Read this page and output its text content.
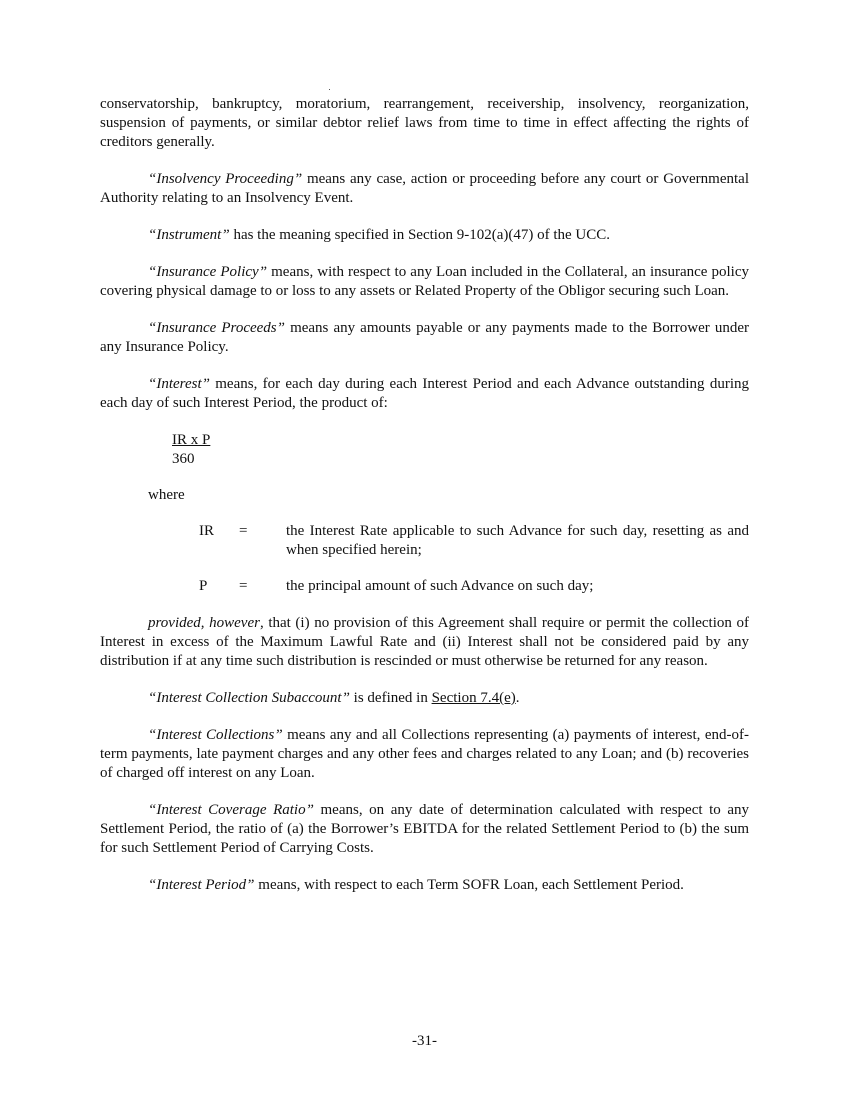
conservatorship, bankruptcy, moratorium, rearrangement, receivership, insolvency, reorganization, suspension of payments, or similar debtor relief laws from time to time in effect affecting the rights of creditors generally.

“Insolvency Proceeding” means any case, action or proceeding before any court or Governmental Authority relating to an Insolvency Event.

“Instrument” has the meaning specified in Section 9-102(a)(47) of the UCC.

“Insurance Policy” means, with respect to any Loan included in the Collateral, an insurance policy covering physical damage to or loss to any assets or Related Property of the Obligor securing such Loan.

“Insurance Proceeds” means any amounts payable or any payments made to the Borrower under any Insurance Policy.

“Interest” means, for each day during each Interest Period and each Advance outstanding during each day of such Interest Period, the product of:

IR x P
360
where
IR	=	the Interest Rate applicable to such Advance for such day, resetting as and when specified herein;
P	=	the principal amount of such Advance on such day;

provided, however, that (i) no provision of this Agreement shall require or permit the collection of Interest in excess of the Maximum Lawful Rate and (ii) Interest shall not be considered paid by any distribution if at any time such distribution is rescinded or must otherwise be returned for any reason.

“Interest Collection Subaccount” is defined in Section 7.4(e).

“Interest Collections” means any and all Collections representing (a) payments of interest, end-of-term payments, late payment charges and any other fees and charges related to any Loan; and (b) recoveries of charged off interest on any Loan.

“Interest Coverage Ratio” means, on any date of determination calculated with respect to any Settlement Period, the ratio of (a) the Borrower’s EBITDA for the related Settlement Period to (b) the sum for such Settlement Period of Carrying Costs.

“Interest Period” means, with respect to each Term SOFR Loan, each Settlement Period.

-31-
